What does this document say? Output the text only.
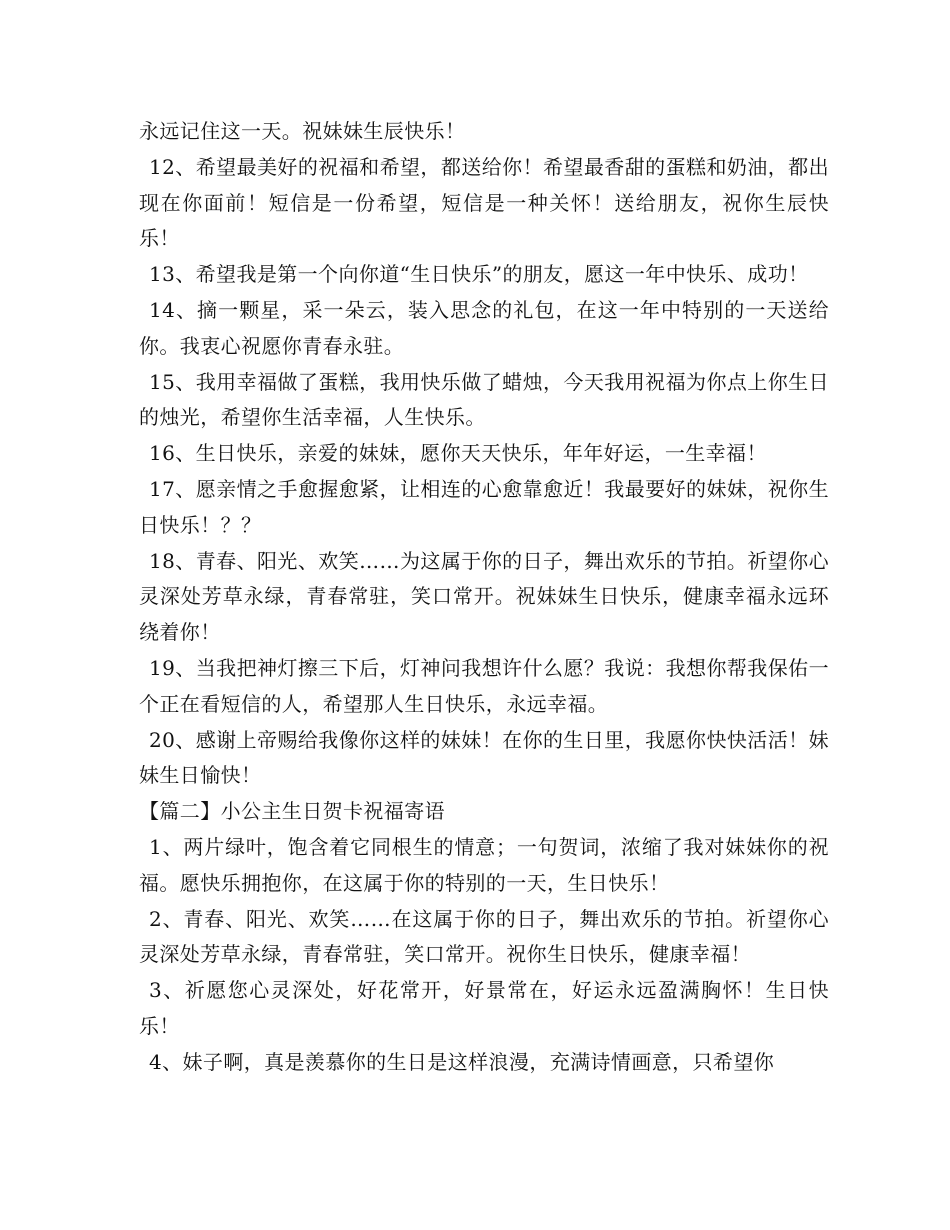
永远记住这一天。祝妹妹生辰快乐！

12、希望最美好的祝福和希望，都送给你！希望最香甜的蛋糕和奶油，都出现在你面前！短信是一份希望，短信是一种关怀！送给朋友，祝你生辰快乐！

13、希望我是第一个向你道“生日快乐”的朋友，愿这一年中快乐、成功！

14、摘一颗星，采一朵云，装入思念的礼包，在这一年中特别的一天送给你。我衷心祝愿你青春永驻。

15、我用幸福做了蛋糕，我用快乐做了蜡烛，今天我用祝福为你点上你生日的烛光，希望你生活幸福，人生快乐。

16、生日快乐，亲爱的妹妹，愿你天天快乐，年年好运，一生幸福！

17、愿亲情之手愈握愈紧，让相连的心愈靠愈近！我最要好的妹妹，祝你生日快乐！？？

18、青春、阳光、欢笑……为这属于你的日子，舞出欢乐的节拍。祈望你心灵深处芳草永绿，青春常驻，笑口常开。祝妹妹生日快乐，健康幸福永远环绕着你！

19、当我把神灯擦三下后，灯神问我想许什么愿？我说：我想你帮我保佑一个正在看短信的人，希望那人生日快乐，永远幸福。

20、感谢上帝赐给我像你这样的妹妹！在你的生日里，我愿你快快活活！妹妹生日愉快！

【篇二】小公主生日贺卡祝福寄语

1、两片绿叶，饱含着它同根生的情意；一句贺词，浓缩了我对妹妹你的祝福。愿快乐拥抱你，在这属于你的特别的一天，生日快乐！

2、青春、阳光、欢笑……在这属于你的日子，舞出欢乐的节拍。祈望你心灵深处芳草永绿，青春常驻，笑口常开。祝你生日快乐，健康幸福！

3、祈愿您心灵深处，好花常开，好景常在，好运永远盈满胸怀！生日快乐！

4、妹子啊，真是羡慕你的生日是这样浪漫，充满诗情画意，只希望你
